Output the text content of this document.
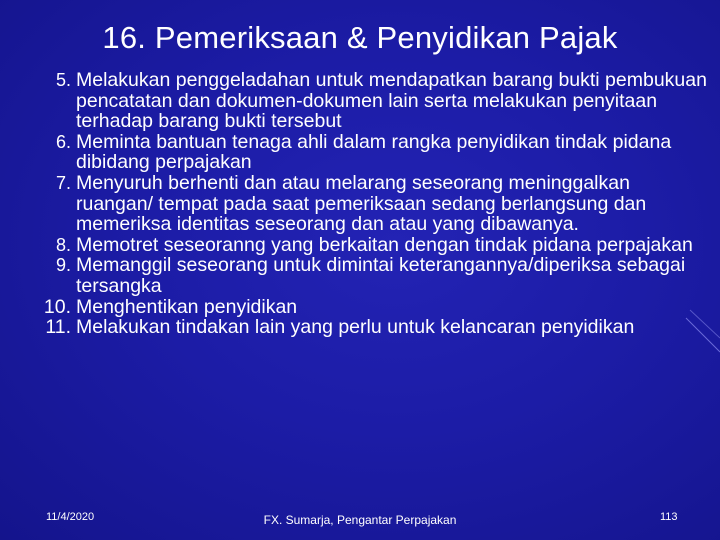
16. Pemeriksaan & Penyidikan Pajak
5. Melakukan penggeladahan untuk mendapatkan barang bukti pembukuan pencatatan dan dokumen-dokumen lain serta melakukan penyitaan terhadap barang bukti tersebut
6. Meminta bantuan tenaga ahli dalam rangka penyidikan tindak pidana dibidang perpajakan
7. Menyuruh berhenti dan atau melarang seseorang meninggalkan ruangan/ tempat pada saat pemeriksaan sedang berlangsung dan memeriksa identitas seseorang dan atau yang dibawanya.
8. Memotret seseoranng yang berkaitan dengan tindak pidana perpajakan
9. Memanggil seseorang untuk dimintai keterangannya/diperiksa sebagai tersangka
10. Menghentikan penyidikan
11. Melakukan tindakan lain yang perlu untuk kelancaran penyidikan
11/4/2020	FX. Sumarja, Pengantar Perpajakan	113
